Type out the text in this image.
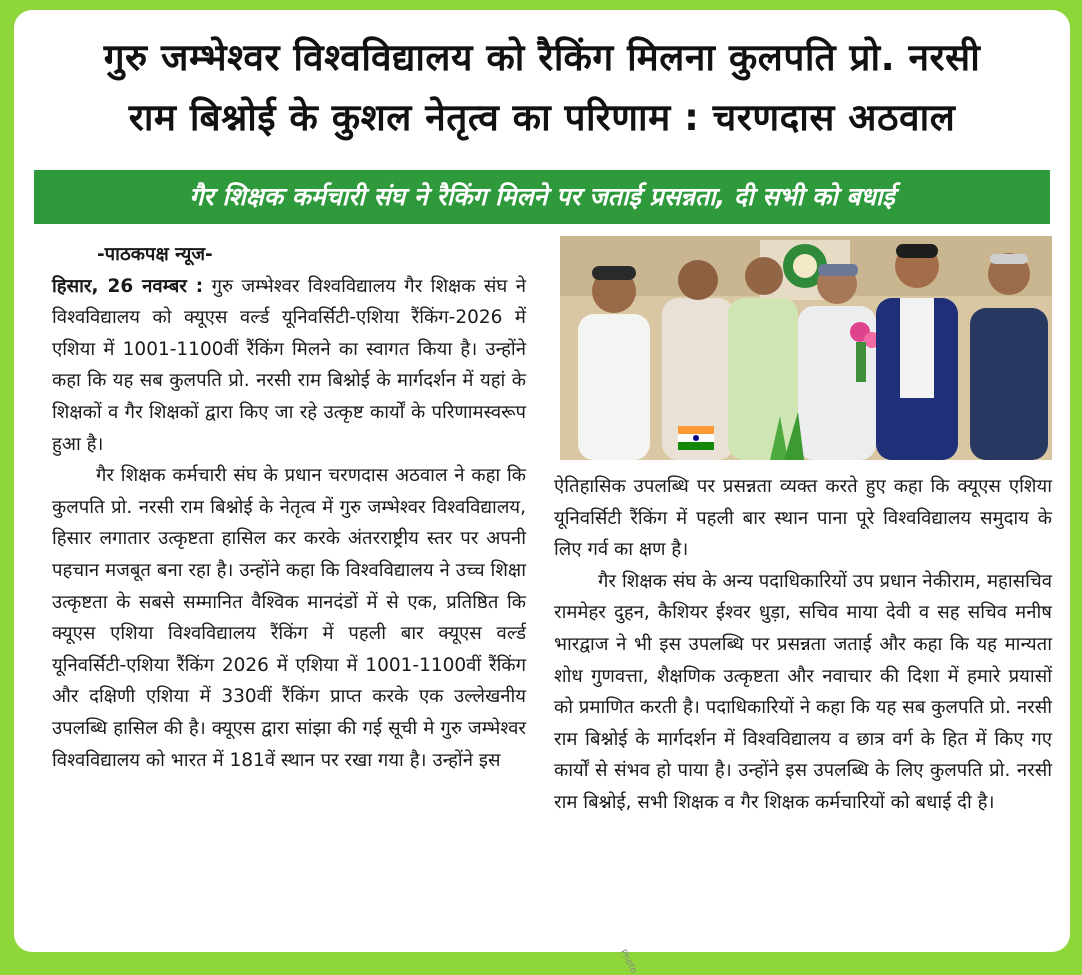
गुरु जम्भेश्वर विश्वविद्यालय को रैकिंग मिलना कुलपति प्रो. नरसी
राम बिश्नोई के कुशल नेतृत्व का परिणाम : चरणदास अठवाल
गैर शिक्षक कर्मचारी संघ ने रैकिंग मिलने पर जताई प्रसन्नता, दी सभी को बधाई

-पाठकपक्ष न्यूज-

हिसार, 26 नवम्बर : गुरु जम्भेश्वर विश्वविद्यालय गैर शिक्षक संघ ने विश्वविद्यालय को क्यूएस वर्ल्ड यूनिवर्सिटी-एशिया रैंकिंग-2026 में एशिया में 1001-1100वीं रैंकिंग मिलने का स्वागत किया है। उन्होंने कहा कि यह सब कुलपति प्रो. नरसी राम बिश्नोई के मार्गदर्शन में यहां के शिक्षकों व गैर शिक्षकों द्वारा किए जा रहे उत्कृष्ट कार्यों के परिणामस्वरूप हुआ है।

गैर शिक्षक कर्मचारी संघ के प्रधान चरणदास अठवाल ने कहा कि कुलपति प्रो. नरसी राम बिश्नोई के नेतृत्व में गुरु जम्भेश्वर विश्वविद्यालय, हिसार लगातार उत्कृष्टता हासिल कर करके अंतरराष्ट्रीय स्तर पर अपनी पहचान मजबूत बना रहा है। उन्होंने कहा कि विश्वविद्यालय ने उच्च शिक्षा उत्कृष्टता के सबसे सम्मानित वैश्विक मानदंडों में से एक, प्रतिष्ठित कि क्यूएस एशिया विश्वविद्यालय रैंकिंग में पहली बार क्यूएस वर्ल्ड यूनिवर्सिटी-एशिया रैंकिंग 2026 में एशिया में 1001-1100वीं रैंकिंग और दक्षिणी एशिया में 330वीं रैंकिंग प्राप्त करके एक उल्लेखनीय उपलब्धि हासिल की है। क्यूएस द्वारा सांझा की गई सूची मे गुरु जम्भेश्वर विश्वविद्यालय को भारत में 181वें स्थान पर रखा गया है। उन्होंने इस

ऐतिहासिक उपलब्धि पर प्रसन्नता व्यक्त करते हुए कहा कि क्यूएस एशिया यूनिवर्सिटी रैंकिंग में पहली बार स्थान पाना पूरे विश्वविद्यालय समुदाय के लिए गर्व का क्षण है।

गैर शिक्षक संघ के अन्य पदाधिकारियों उप प्रधान नेकीराम, महासचिव राममेहर दुहन, कैशियर ईश्वर धुड़ा, सचिव माया देवी व सह सचिव मनीष भारद्वाज ने भी इस उपलब्धि पर प्रसन्नता जताई और कहा कि यह मान्यता शोध गुणवत्ता, शैक्षणिक उत्कृष्टता और नवाचार की दिशा में हमारे प्रयासों को प्रमाणित करती है। पदाधिकारियों ने कहा कि यह सब कुलपति प्रो. नरसी राम बिश्नोई के मार्गदर्शन में विश्वविद्यालय व छात्र वर्ग के हित में किए गए कार्यों से संभव हो पाया है। उन्होंने इस उपलब्धि के लिए कुलपति प्रो. नरसी राम बिश्नोई, सभी शिक्षक व गैर शिक्षक कर्मचारियों को बधाई दी है।

Photo
